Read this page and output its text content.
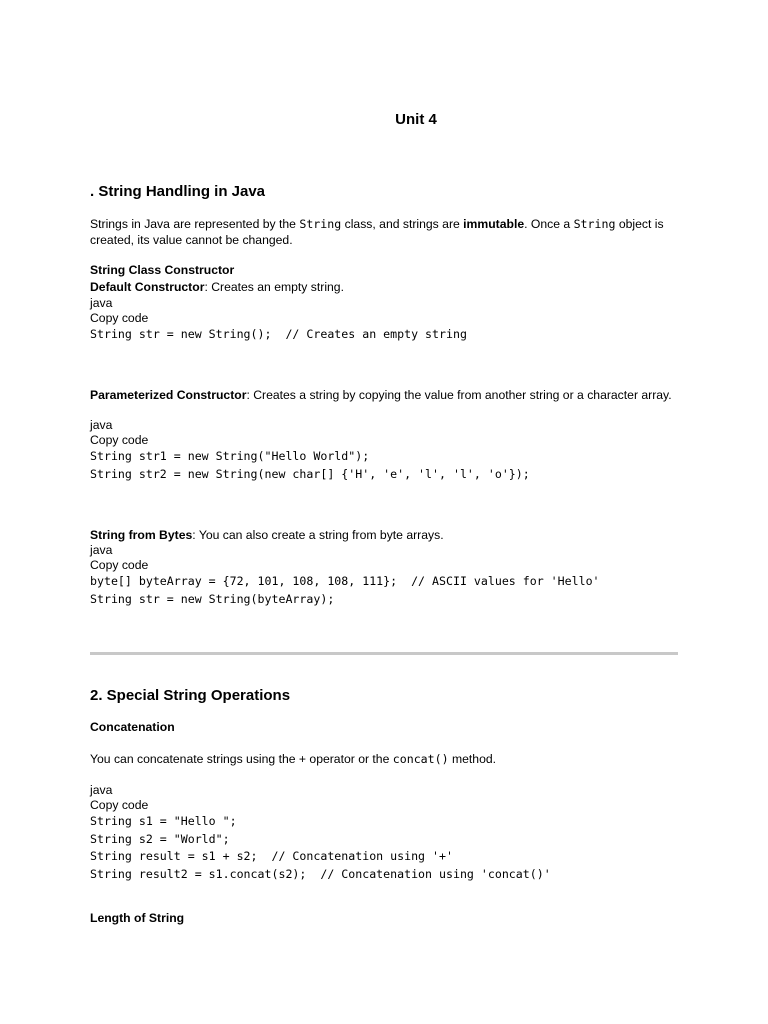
Unit 4
. String Handling in Java
Strings in Java are represented by the String class, and strings are immutable. Once a String object is created, its value cannot be changed.
String Class Constructor
Default Constructor: Creates an empty string.
java
Copy code
String str = new String();  // Creates an empty string
Parameterized Constructor: Creates a string by copying the value from another string or a character array.
java
Copy code
String str1 = new String("Hello World");
String str2 = new String(new char[] {'H', 'e', 'l', 'l', 'o'});
String from Bytes: You can also create a string from byte arrays.
java
Copy code
byte[] byteArray = {72, 101, 108, 108, 111};  // ASCII values for 'Hello'
String str = new String(byteArray);
2. Special String Operations
Concatenation
You can concatenate strings using the + operator or the concat() method.
java
Copy code
String s1 = "Hello ";
String s2 = "World";
String result = s1 + s2;  // Concatenation using '+'
String result2 = s1.concat(s2);  // Concatenation using 'concat()'
Length of String
